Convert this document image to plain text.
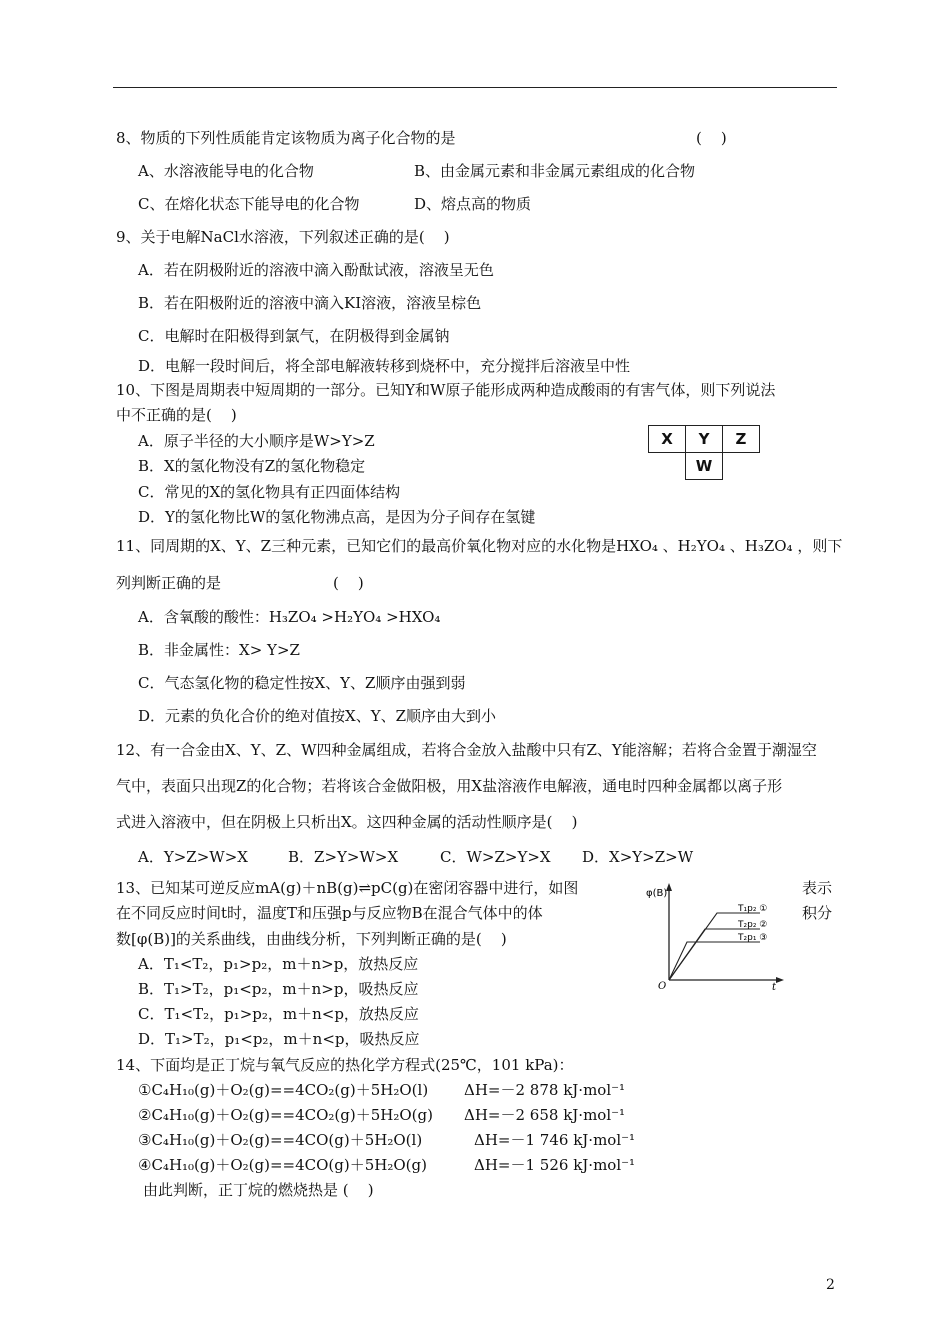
8、物质的下列性质能肯定该物质为离子化合物的是	(    )
A、水溶液能导电的化合物	B、由金属元素和非金属元素组成的化合物
C、在熔化状态下能导电的化合物	D、熔点高的物质
9、关于电解NaCl水溶液，下列叙述正确的是(    )
A．若在阴极附近的溶液中滴入酚酞试液，溶液呈无色
B．若在阳极附近的溶液中滴入KI溶液，溶液呈棕色
C．电解时在阳极得到氯气，在阴极得到金属钠
D．电解一段时间后，将全部电解液转移到烧杯中，充分搅拌后溶液呈中性
10、下图是周期表中短周期的一部分。已知Y和W原子能形成两种造成酸雨的有害气体，则下列说法
中不正确的是(    )
A．原子半径的大小顺序是W>Y>Z
B．X的氢化物没有Z的氢化物稳定
C．常见的X的氢化物具有正四面体结构
D．Y的氢化物比W的氢化物沸点高，是因为分子间存在氢键
X	Y	Z
	W	
11、同周期的X、Y、Z三种元素，已知它们的最高价氧化物对应的水化物是HXO₄ 、H₂YO₄ 、H₃ZO₄ ，则下
列判断正确的是	(    )
A．含氧酸的酸性：H₃ZO₄ >H₂YO₄ >HXO₄
B．非金属性：X> Y>Z
C．气态氢化物的稳定性按X、Y、Z顺序由强到弱
D．元素的负化合价的绝对值按X、Y、Z顺序由大到小
12、有一合金由X、Y、Z、W四种金属组成，若将合金放入盐酸中只有Z、Y能溶解；若将合金置于潮湿空
气中，表面只出现Z的化合物；若将该合金做阳极，用X盐溶液作电解液，通电时四种金属都以离子形
式进入溶液中，但在阴极上只析出X。这四种金属的活动性顺序是(    )
A．Y>Z>W>X	B．Z>Y>W>X	C．W>Z>Y>X D．X>Y>Z>W
13、已知某可逆反应mA(g)＋nB(g)⇌pC(g)在密闭容器中进行，如图	表示
在不同反应时间t时，温度T和压强p与反应物B在混合气体中的体	积分
数[φ(B)]的关系曲线，由曲线分析，下列判断正确的是(    )
A．T₁<T₂，p₁>p₂，m＋n>p，放热反应
B．T₁>T₂，p₁<p₂，m＋n>p，吸热反应
C．T₁<T₂，p₁>p₂，m＋n<p，放热反应
D．T₁>T₂，p₁<p₂，m＋n<p，吸热反应
φ(B)
O	t
T₁p₂ ①
T₂p₂ ②
T₂p₁ ③
14、下面均是正丁烷与氧气反应的热化学方程式(25℃，101 kPa)：
①C₄H₁₀(g)＋O₂(g)==4CO₂(g)＋5H₂O(l) ΔH=－2 878 kJ·mol⁻¹
②C₄H₁₀(g)＋O₂(g)==4CO₂(g)＋5H₂O(g) ΔH=－2 658 kJ·mol⁻¹
③C₄H₁₀(g)＋O₂(g)==4CO(g)＋5H₂O(l)	ΔH=－1 746 kJ·mol⁻¹
④C₄H₁₀(g)＋O₂(g)==4CO(g)＋5H₂O(g)	ΔH=－1 526 kJ·mol⁻¹
由此判断，正丁烷的燃烧热是 (    )
2
